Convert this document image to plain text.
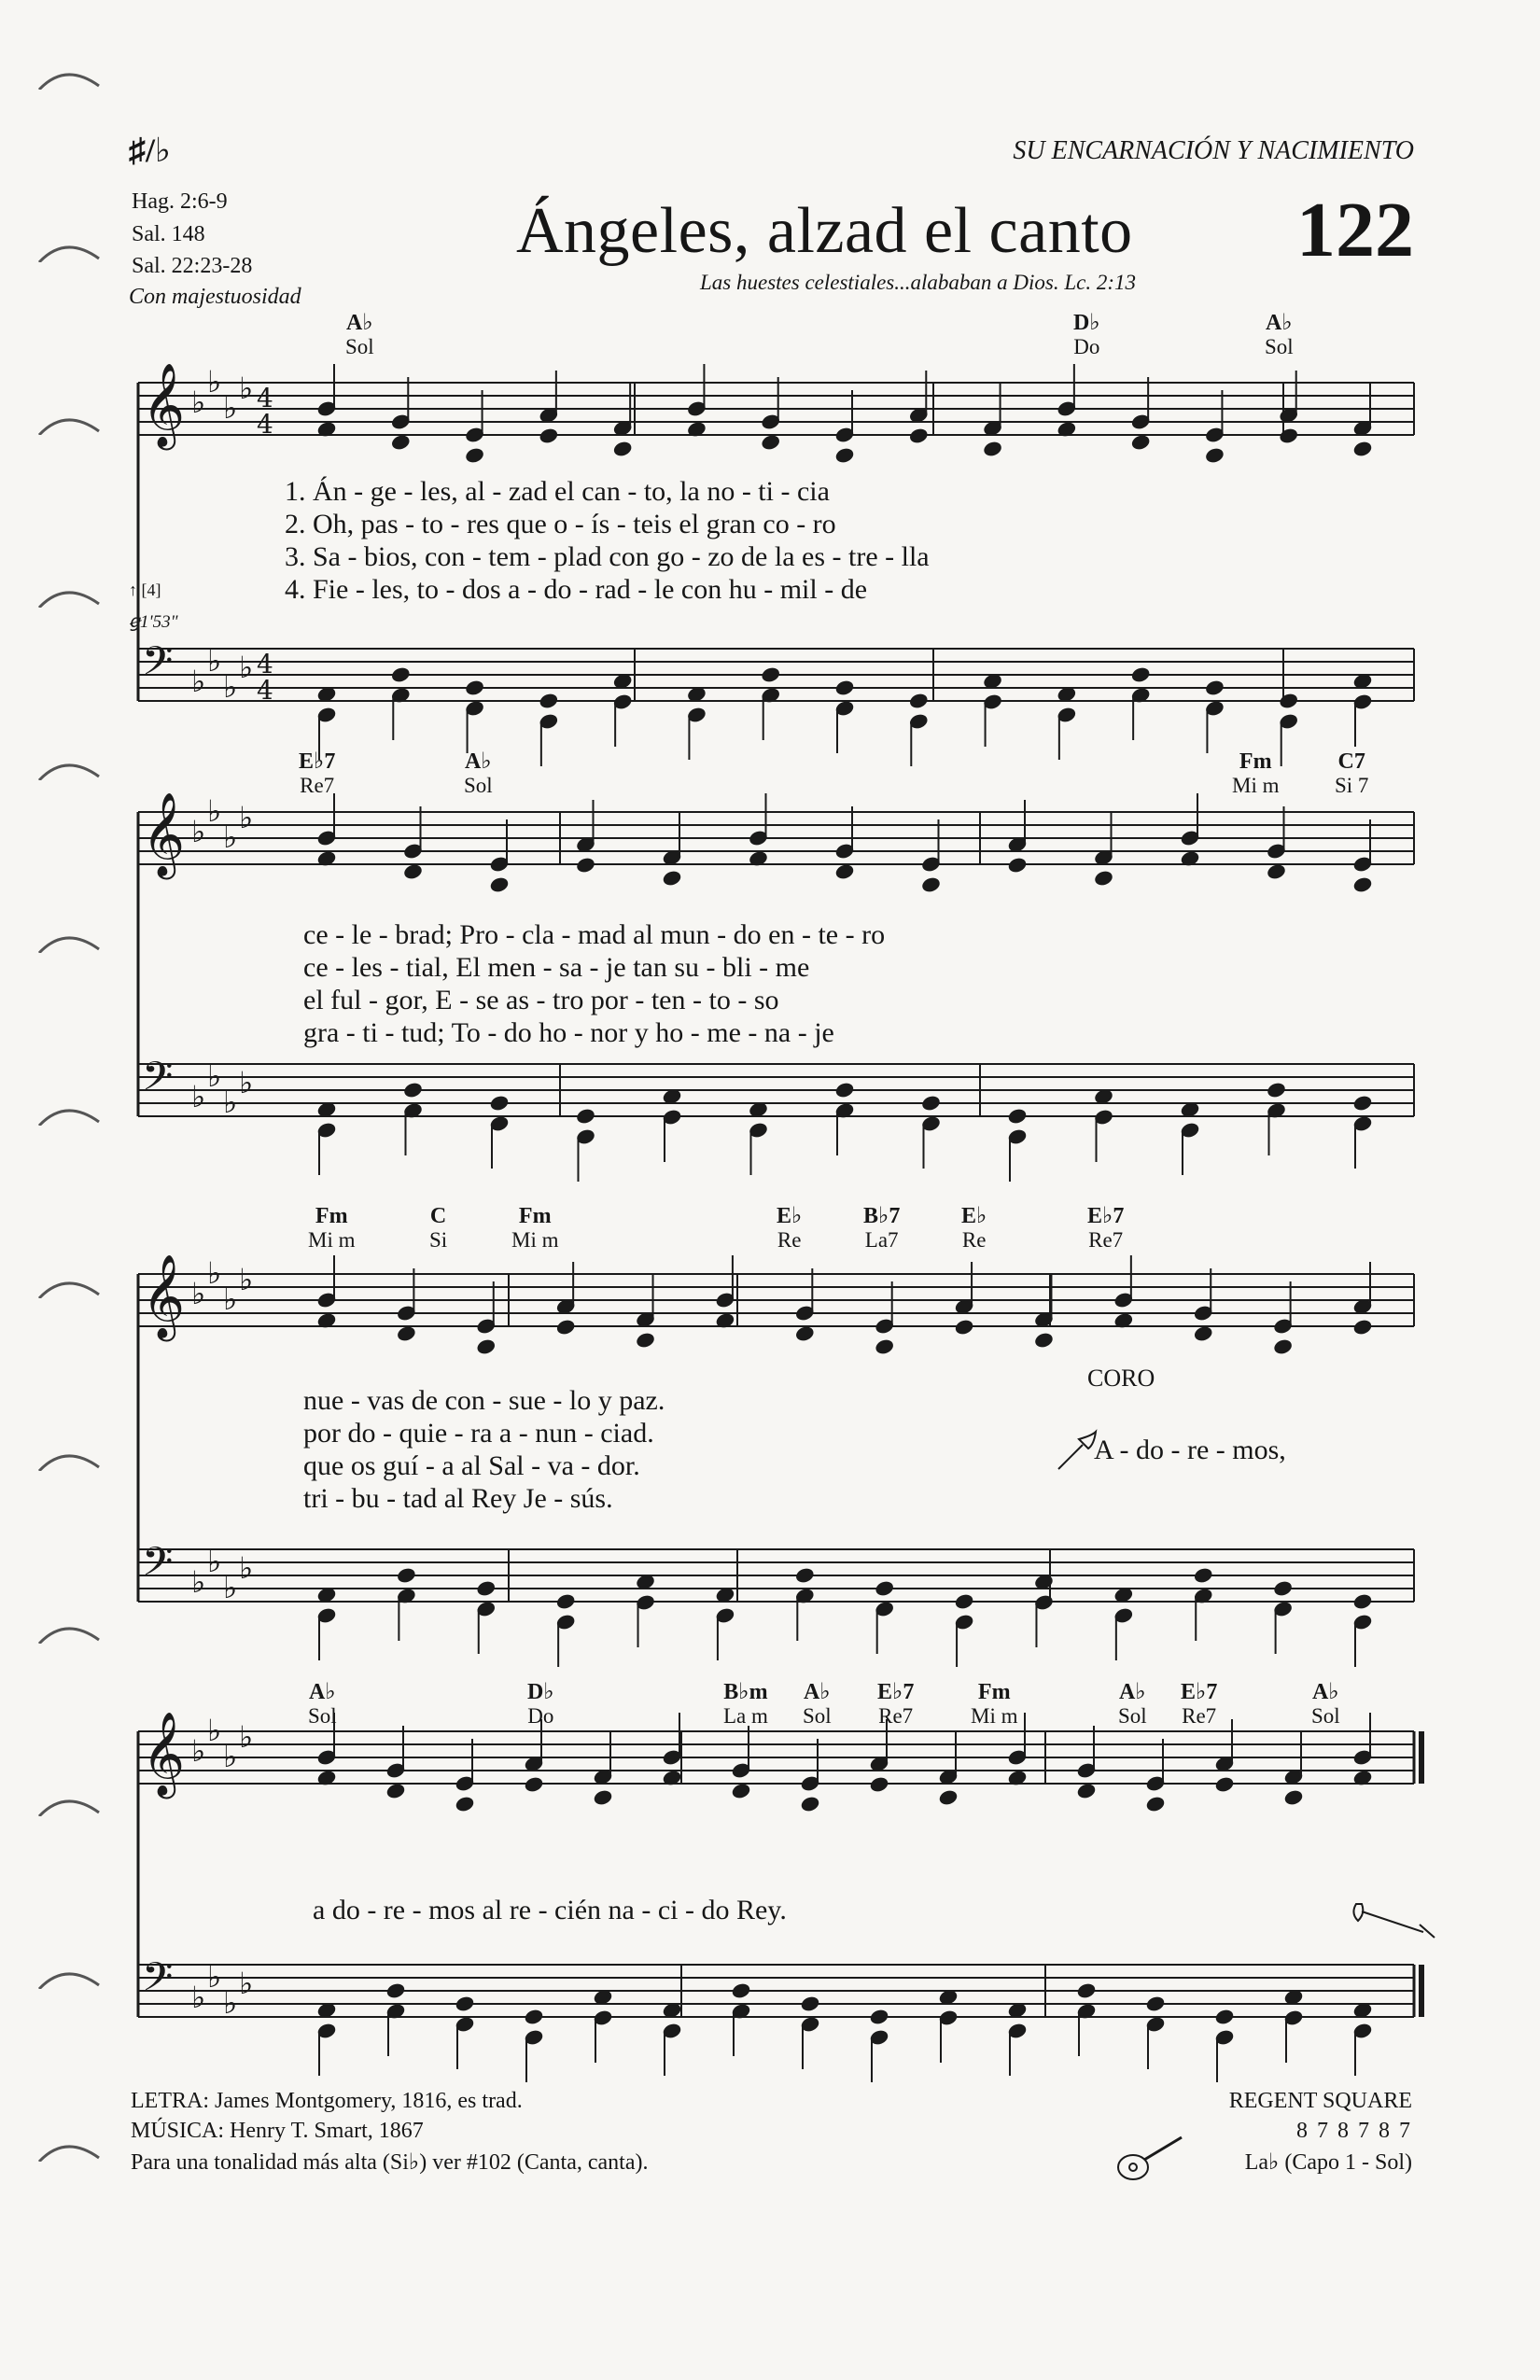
♯/♭	SU ENCARNACIÓN Y NACIMIENTO
Hag. 2:6-9
Sal. 148
Sal. 22:23-28
Con majestuosidad
Ángeles, alzad el canto 122
Las huestes celestiales...alababan a Dios. Lc. 2:13
↑ [4]
ꞡ1'53"
𝄞 ♭
♭
♭
♭ 4
4
𝄢 ♭
♭
♭
♭ 4
4
𝄞 ♭
♭
♭
♭
𝄢 ♭
♭
♭
♭
𝄞 ♭
♭
♭
♭
𝄢 ♭
♭
♭
♭
𝄞 ♭
♭
♭
♭
𝄢 ♭
♭
♭
♭
A♭
Sol
D♭
Do
A♭
Sol
1. Án - ge - les, al - zad el can - to, la no - ti - cia
2. Oh, pas - to - res que o - ís - teis el gran co - ro
3. Sa - bios, con - tem - plad con go - zo de la es - tre - lla
4. Fie - les, to - dos a - do - rad - le con hu - mil - de
E♭7
Re7
A♭
Sol
Fm
Mi m
C7
Si 7
ce - le - brad; Pro - cla - mad al mun - do en - te - ro
ce - les - tial, El men - sa - je tan su - bli - me
el ful - gor, E - se as - tro por - ten - to - so
gra - ti - tud; To - do ho - nor y ho - me - na - je
Fm
Mi m
C
Si
Fm
Mi m
E♭
Re
B♭7
La7
E♭
Re
E♭7
Re7
nue - vas de con - sue - lo y paz.
por do - quie - ra a - nun - ciad.
que os guí - a al Sal - va - dor.
tri - bu - tad al Rey Je - sús.
CORO
A - do - re - mos,
A♭
Sol
D♭
Do
B♭m
La m
A♭
Sol
E♭7
Re7
Fm
Mi m
A♭
Sol
E♭7
Re7
A♭
Sol
a do - re - mos al re - cién na - ci - do Rey.
LETRA: James Montgomery, 1816, es trad.
MÚSICA: Henry T. Smart, 1867
Para una tonalidad más alta (Si♭) ver #102 (Canta, canta).
REGENT SQUARE
8 7 8 7 8 7
La♭ (Capo 1 - Sol)
